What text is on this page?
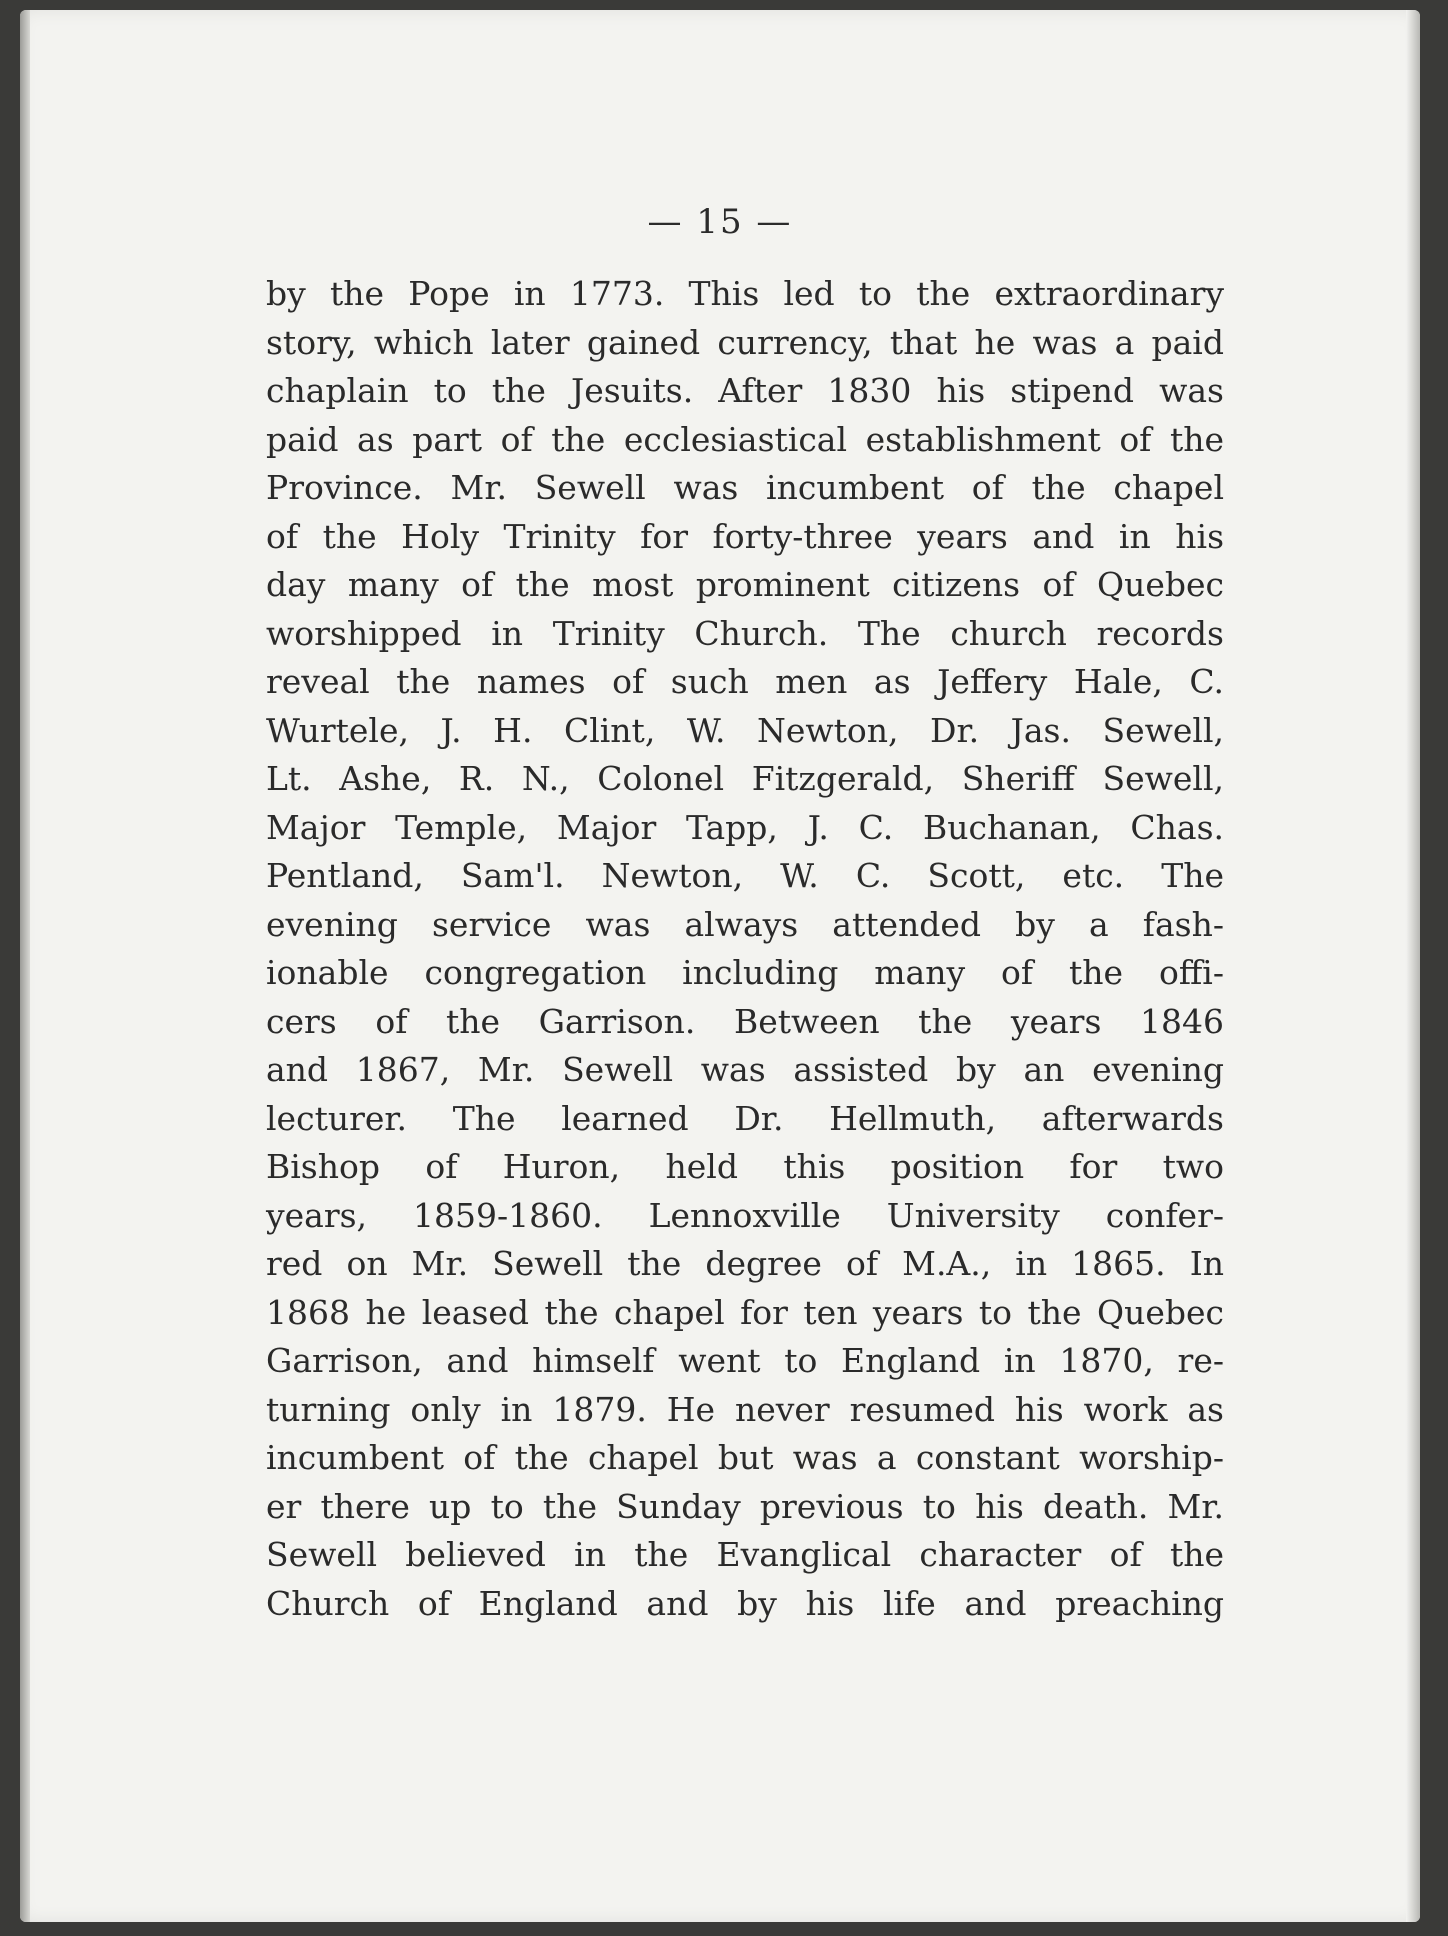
— 15 —
by the Pope in 1773. This led to the extraordinary
story, which later gained currency, that he was a paid
chaplain to the Jesuits. After 1830 his stipend was
paid as part of the ecclesiastical establishment of the
Province. Mr. Sewell was incumbent of the chapel
of the Holy Trinity for forty-three years and in his
day many of the most prominent citizens of Quebec
worshipped in Trinity Church. The church records
reveal the names of such men as Jeffery Hale, C.
Wurtele, J. H. Clint, W. Newton, Dr. Jas. Sewell,
Lt. Ashe, R. N., Colonel Fitzgerald, Sheriff Sewell,
Major Temple, Major Tapp, J. C. Buchanan, Chas.
Pentland, Sam'l. Newton, W. C. Scott, etc. The
evening service was always attended by a fash-
ionable congregation including many of the offi-
cers of the Garrison. Between the years 1846
and 1867, Mr. Sewell was assisted by an evening
lecturer. The learned Dr. Hellmuth, afterwards
Bishop of Huron, held this position for two
years, 1859-1860. Lennoxville University confer-
red on Mr. Sewell the degree of M.A., in 1865. In
1868 he leased the chapel for ten years to the Quebec
Garrison, and himself went to England in 1870, re-
turning only in 1879. He never resumed his work as
incumbent of the chapel but was a constant worship-
er there up to the Sunday previous to his death. Mr.
Sewell believed in the Evanglical character of the
Church of England and by his life and preaching
